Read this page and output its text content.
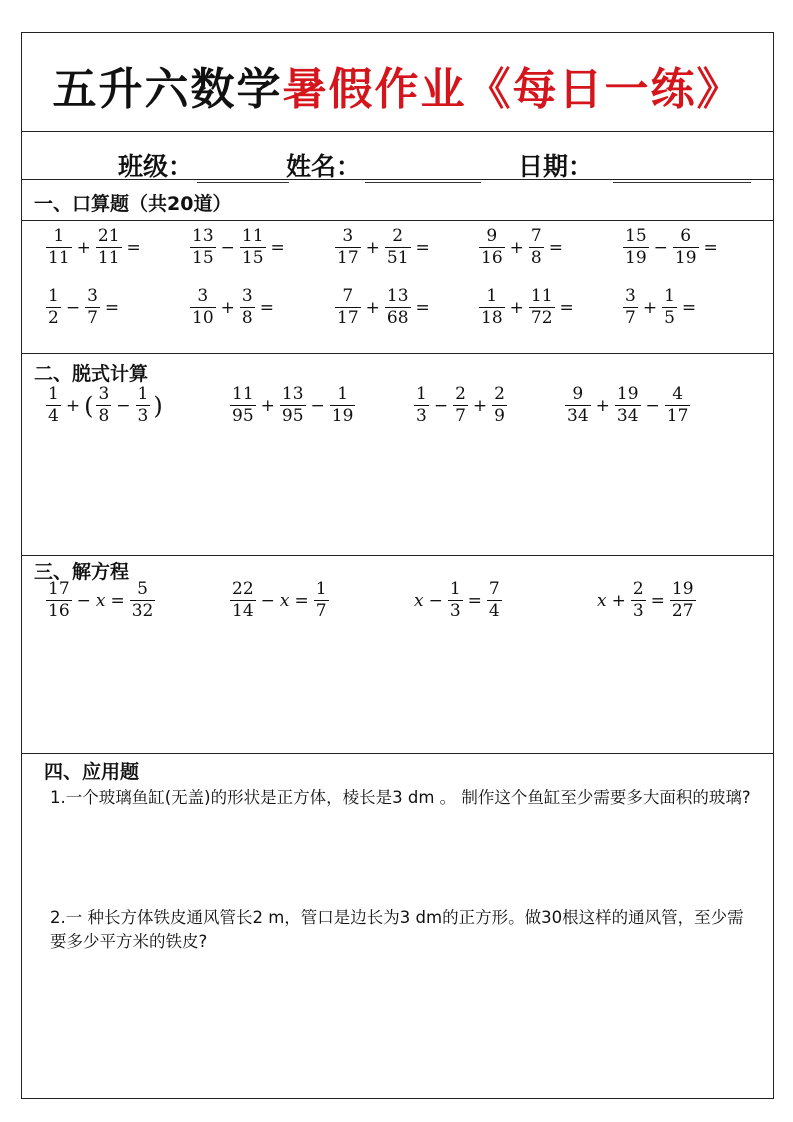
五升六数学暑假作业《每日一练》
班级：	姓名：	日期：
一、口算题（共20道）
$\frac{1}{11} + \frac{21}{11}$ =	$\frac{13}{15} - \frac{11}{15}$ =	$\frac{3}{17} + \frac{2}{51}$ =	$\frac{9}{16} + \frac{7}{8}$ =	$\frac{15}{19} - \frac{6}{19}$ =
$\frac{1}{2} - \frac{3}{7}$ =	$\frac{3}{10} + \frac{3}{8}$ =	$\frac{7}{17} + \frac{13}{68}$ =	$\frac{1}{18} + \frac{11}{72}$ =	$\frac{3}{7} + \frac{1}{5}$ =
二、脱式计算
$\frac{1}{4}$ + ( $\frac{3}{8} - \frac{1}{3}$ )	$\frac{11}{95} + \frac{13}{95} - \frac{1}{19}$	$\frac{1}{3} - \frac{2}{7} + \frac{2}{9}$	$\frac{9}{34} + \frac{19}{34} - \frac{4}{17}$
三、解方程
$\frac{17}{16} - x = \frac{5}{32}$	$\frac{22}{14} - x = \frac{1}{7}$	$x - \frac{1}{3} = \frac{7}{4}$	$x + \frac{2}{3} = \frac{19}{27}$
四、应用题
1.一个玻璃鱼缸(无盖)的形状是正方体，棱长是3 dm 。 制作这个鱼缸至少需要多大面积的玻璃?
2.一 种长方体铁皮通风管长2 m，管口是边长为3 dm的正方形。做30根这样的通风管，至少需要多少平方米的铁皮?
